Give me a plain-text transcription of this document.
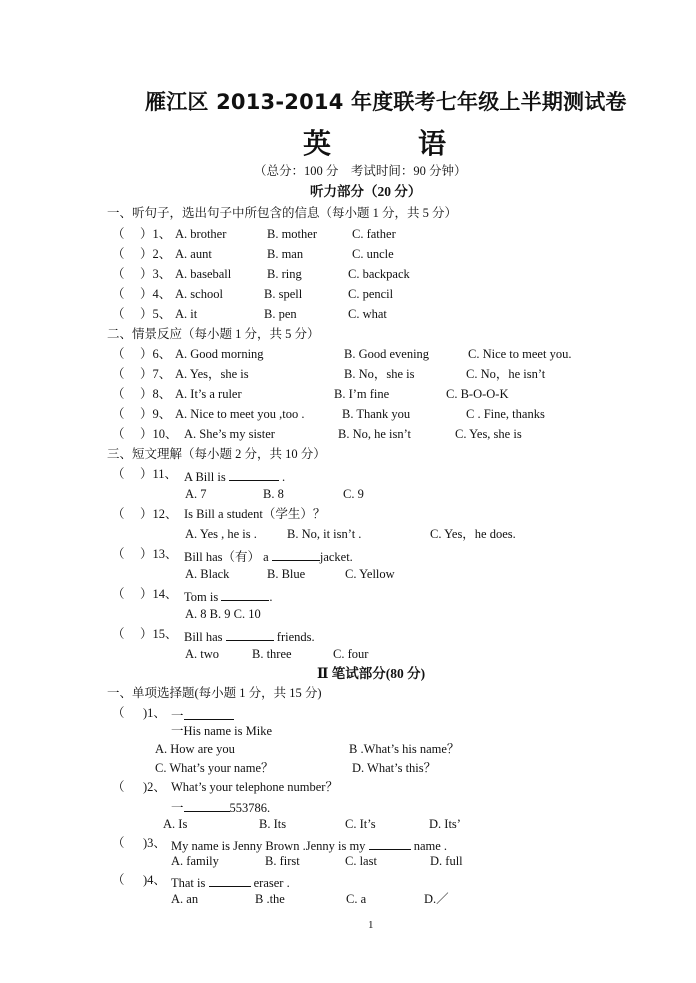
雁江区 2013-2014 年度联考七年级上半期测试卷
英	语
（总分：100 分　考试时间：90 分钟）
听力部分（20 分）
一、听句子，选出句子中所包含的信息（每小题 1 分，共 5 分）
（ ）1、 A. brother	B. mother	C. father
（ ）2、 A. aunt	B. man	C. uncle
（ ）3、 A. baseball	B. ring	C. backpack
（ ）4、 A. school	B. spell	C. pencil
（ ）5、 A. it	B. pen	C. what
二、情景反应（每小题 1 分，共 5 分）
（ ）6、 A. Good morning	B. Good evening	C. Nice to meet you.
（ ）7、 A. Yes，she is	B. No，she is	C. No，he isn’t
（ ）8、 A. It’s a ruler	B. I’m fine	C. B-O-O-K
（ ）9、 A. Nice to meet you ,too .	B. Thank you	C . Fine, thanks
（ ）10、 A. She’s my sister	B. No, he isn’t	C. Yes, she is
三、短文理解（每小题 2 分，共 10 分）
（ ）11、 A Bill is	.
A. 7	B. 8	C. 9
（ ）12、 Is Bill a student（学生）？
A. Yes , he is . B. No, it isn’t .	C. Yes，he does.
（ ）13、 Bill has（有） a	jacket.
A. Black	B. Blue	C. Yellow
（ ）14、 Tom is	.
A. 8 B. 9 C. 10
（ ）15、 Bill has	friends.
A. two	B. three	C. four
Ⅱ 笔试部分(80 分)
一、单项选择题(每小题 1 分，共 15 分)
（ )1、 一
一His name is Mike
A. How are you	B .What’s his name？
C. What’s your name？	D. What’s this？
（ )2、 What’s your telephone number？
一	553786.
A. Is	B. Its	C. It’s	D. Its’
（ )3、 My name is Jenny Brown .Jenny is my	name .
A. family	B. first	C. last	D. full
（ )4、 That is	eraser .
A. an	B .the	C. a	D.／
1
